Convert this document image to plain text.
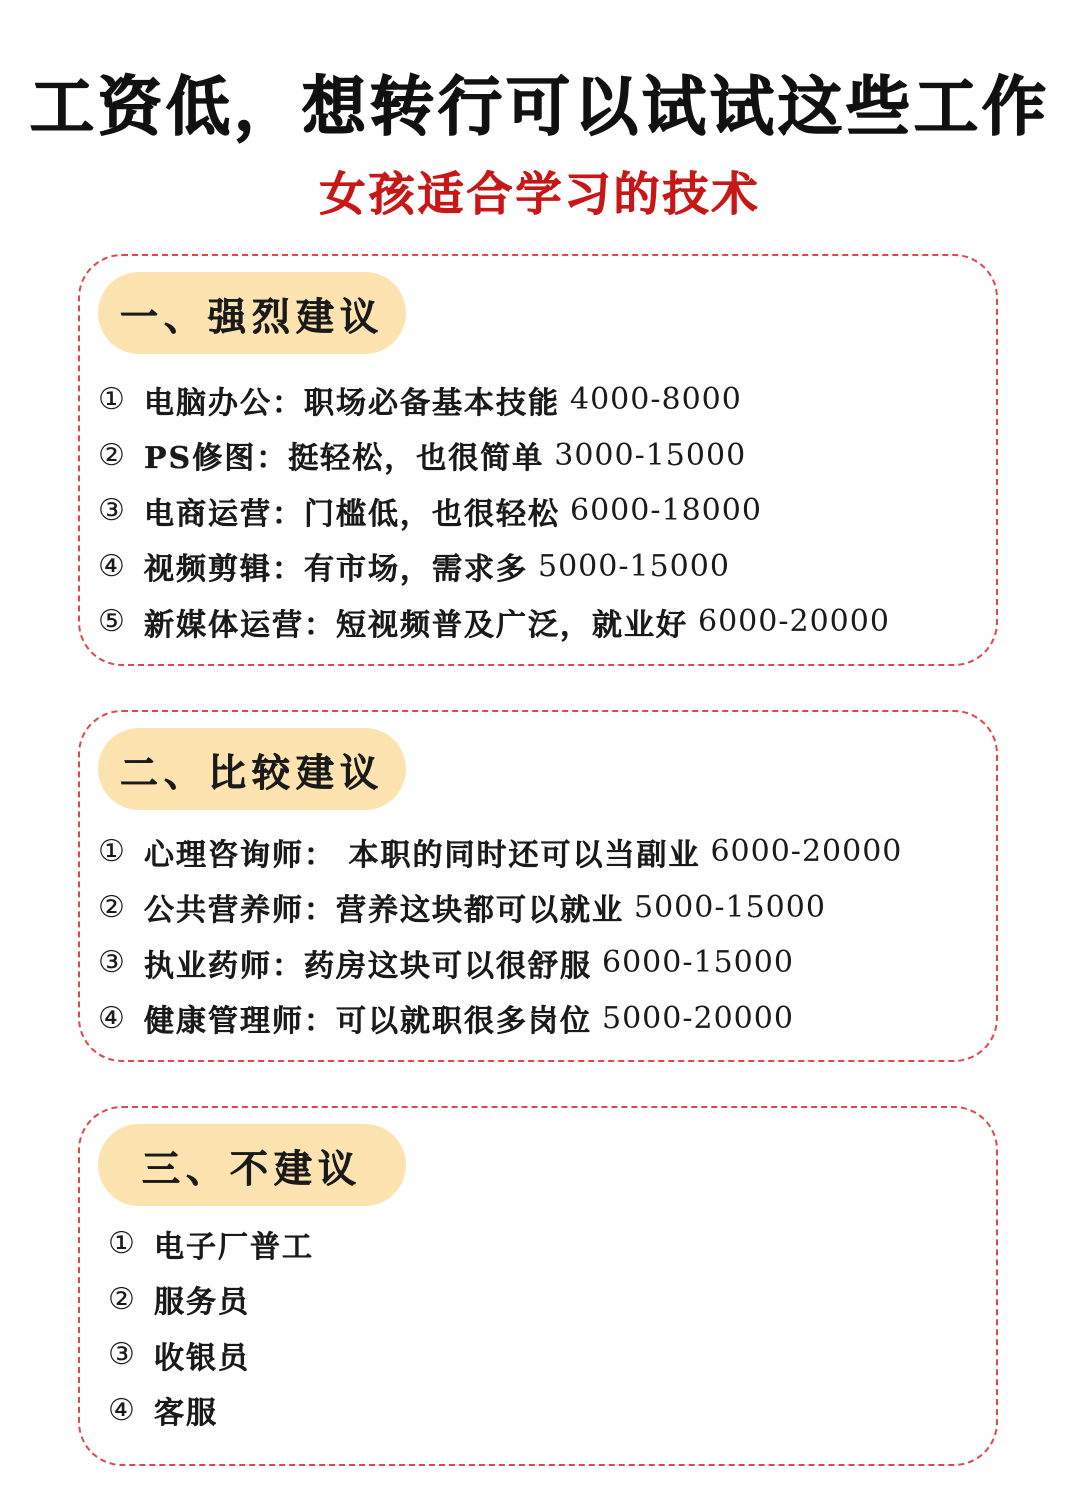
工资低，想转行可以试试这些工作
女孩适合学习的技术
一、强烈建议
① 电脑办公： 职场必备基本技能 4000-8000
② PS修图： 挺轻松，也很简单 3000-15000
③ 电商运营： 门槛低，也很轻松 6000-18000
④ 视频剪辑： 有市场，需求多 5000-15000
⑤ 新媒体运营： 短视频普及广泛，就业好 6000-20000
二、比较建议
① 心理咨询师： 本职的同时还可以当副业 6000-20000
② 公共营养师： 营养这块都可以就业 5000-15000
③ 执业药师： 药房这块可以很舒服 6000-15000
④ 健康管理师： 可以就职很多岗位 5000-20000
三、不建议
① 电子厂普工
② 服务员
③ 收银员
④ 客服
